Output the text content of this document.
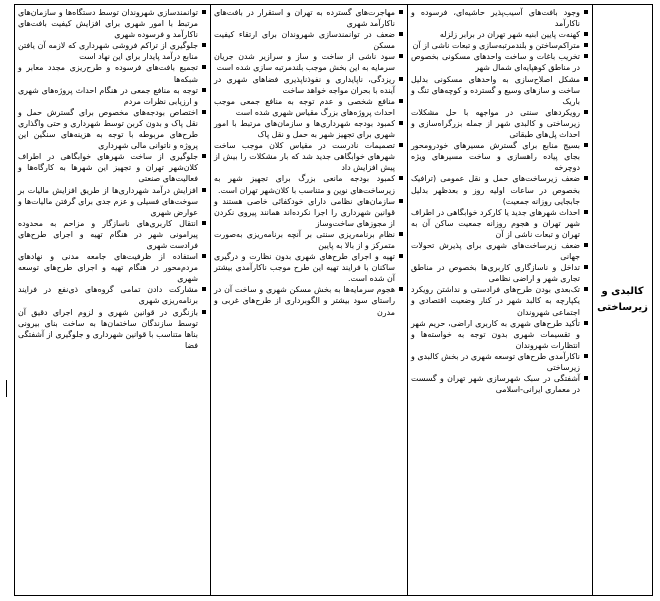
کالبدی و زیرساختی	
وجود بافت‌های آسیب‌پذیر حاشیه‌ای، فرسوده و ناکارآمد
کهنه‌ت پایین ابنیه شهر تهران در برابر زلزله
متراکم‌ساختن و بلندمرتبه‌سازی و تبعات ناشی از آن
تخریب باغات و ساخت واحدهای مسکونی بخصوص در مناطق کوهپایه‌ای شمال شهر
مشکل اصلاح‌سازی به واحدهای مسکونی بدلیل ساخت و سازهای وسیع و گسترده و کوچه‌های تنگ و باریک
رویکردهای سنتی در مواجهه با حل مشکلات زیرساختی و کالبدی شهر از جمله بزرگراه‌سازی و احداث پل‌های طبقاتی
بسیج منابع برای گسترش مسیرهای خودرومحور بجای پیاده راهسازی و ساخت مسیرهای ویژه دوچرخه
ضعف زیرساخت‌های حمل و نقل عمومی (ترافیک بخصوص در ساعات اولیه روز و بعدظهر بدلیل جابجایی روزانه جمعیت)
احداث شهرهای جدید یا کارکرد خوابگاهی در اطراف شهر تهران و هجوم روزانه جمعیت ساکن آن به تهران و تبعات ناشی از آن
ضعف زیرساخت‌های شهری برای پذیرش تحولات جهانی
تداخل و ناسازگاری کاربری‌ها بخصوص در مناطق تجاری شهر و اراضی نظامی
تک‌بعدی بودن طرح‌های فرادستی و نداشتن رویکرد یکپارچه به کالبد شهر در کنار وضعیت اقتصادی و اجتماعی شهروندان
تأکید طرح‌های شهری به کاربری اراضی، حریم شهر و تقسیمات شهری بدون توجه به خواسته‌ها و انتظارات شهروندان
ناکارآمدی طرح‌های توسعه شهری در بخش کالبدی و زیرساختی
آشفتگی در سبک شهرسازی شهر تهران و گسست در معماری ایرانی-اسلامی

مهاجرت‌های گسترده به تهران و استقرار در بافت‌های ناکارآمد شهری
ضعف در توانمندسازی شهروندان برای ارتقاء کیفیت مسکن
سود ناشی از ساخت و ساز و سرازیر شدن جریان سرمایه به این بخش موجب بلندمرتبه سازی شده است
ریزدگی، ناپایداری و نفوذناپذیری فضاهای شهری در آینده با بحران مواجه خواهد ساخت
منافع شخصی و عدم توجه به منافع جمعی موجب احداث پروژه‌های بزرگ مقیاس شهری شده است
کمبود بودجه شهرداری‌ها و سازمان‌های مرتبط با امور شهری برای تجهیز شهر به حمل و نقل پاک
تصمیمات نادرست در مقیاس کلان موجب ساخت شهرهای خوابگاهی جدید شد که بار مشکلات را بیش از پیش افزایش داد
کمبود بودجه مانعی بزرگ برای تجهیز شهر به زیرساخت‌های نوین و متناسب با کلان‌شهر تهران است.
سازمان‌های نظامی دارای خودکفائی خاصی هستند و قوانین شهرداری را اجرا نکرده‌اند همانند پیروی نکردن از مجوزهای ساخت‌وساز
نظام برنامه‌ریزی سنتی بر آنچه برنامه‌ریزی به‌صورت متمرکز و از بالا به پایین
تهیه و اجرای طرح‌های شهری بدون نظارت و درگیری ساکنان با فرایند تهیه این طرح موجب ناکارآمدی بیشتر آن شده است.
هجوم سرمایه‌ها به بخش مسکن شهری و ساخت آن در راستای سود بیشتر و الگوبرداری از طرح‌های غربی و مدرن

توانمندسازی شهروندان توسط دستگاه‌ها و سازمان‌های مرتبط با امور شهری برای افزایش کیفیت بافت‌های ناکارآمد و فرسوده شهری
جلوگیری از تراکم فروشی شهرداری که لازمه آن یافتن منابع درآمد پایدار برای این نهاد است
تجمیع بافت‌های فرسوده و طرح‌ریزی مجدد معابر و شبکه‌ها
توجه به منافع جمعی در هنگام احداث پروژه‌های شهری و ارزیابی نظرات مردم
اختصاص بودجه‌های مخصوص برای گسترش حمل و نقل پاک و بدون کربن توسط شهرداری و حتی واگذاری طرح‌های مربوطه با توجه به هزینه‌های سنگین این پروژه و ناتوانی مالی شهرداری
جلوگیری از ساخت شهرهای خوابگاهی در اطراف کلان‌شهر تهران و تجهیز این شهرها به کارگاه‌ها و فعالیت‌های صنعتی
افزایش درآمد شهرداری‌ها از طریق افزایش مالیات بر سوخت‌های فسیلی و عزم جدی برای گرفتن مالیات‌ها و عوارض شهری
انتقال کاربری‌های ناسازگار و مزاحم به محدوده پیرامونی شهر در هنگام تهیه و اجرای طرح‌های فرادست شهری
استفاده از ظرفیت‌های جامعه مدنی و نهادهای مردم‌محور در هنگام تهیه و اجرای طرح‌های توسعه شهری
مشارکت دادن تمامی گروه‌های ذی‌نفع در فرایند برنامه‌ریزی شهری
بازنگری در قوانین شهری و لزوم اجرای دقیق آن توسط سازندگان ساختمان‌ها به ساخت بنای بیرونی بناها متناسب با قوانین شهرداری و جلوگیری از آشفتگی فضا
